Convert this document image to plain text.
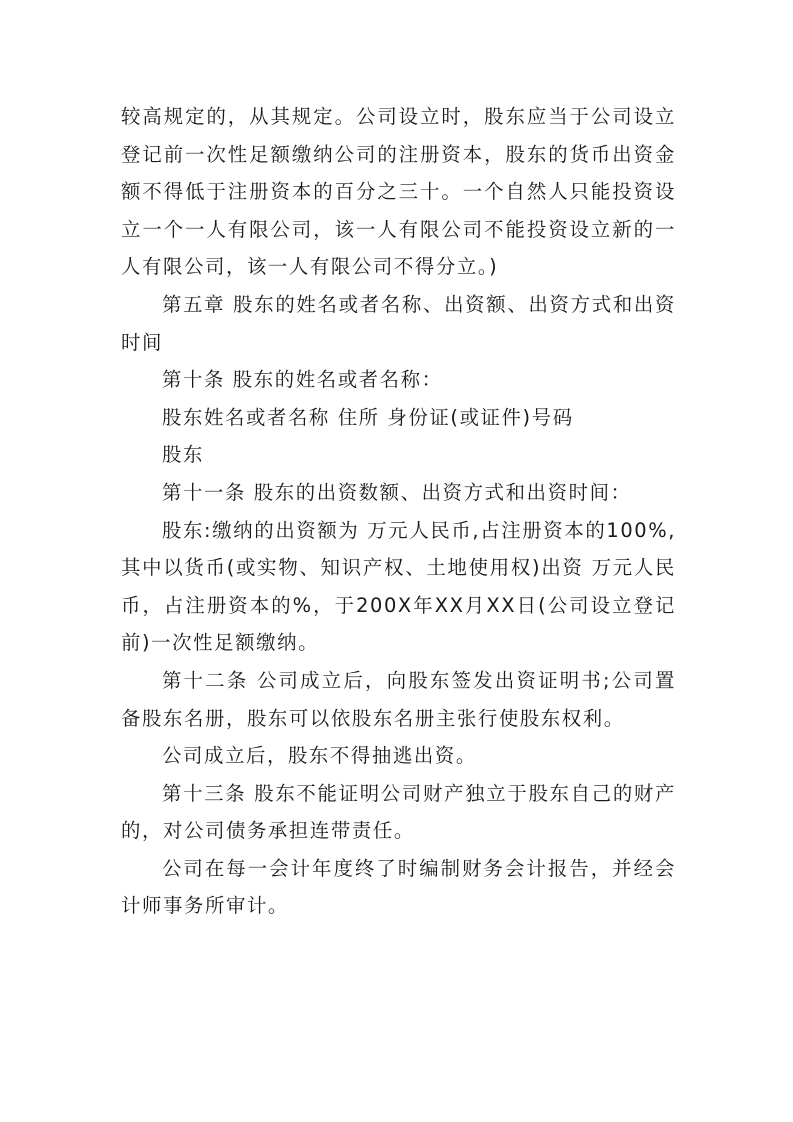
较高规定的，从其规定。公司设立时，股东应当于公司设立登记前一次性足额缴纳公司的注册资本，股东的货币出资金额不得低于注册资本的百分之三十。一个自然人只能投资设立一个一人有限公司，该一人有限公司不能投资设立新的一人有限公司，该一人有限公司不得分立。)

第五章 股东的姓名或者名称、出资额、出资方式和出资时间

第十条 股东的姓名或者名称：

股东姓名或者名称 住所 身份证(或证件)号码

股东

第十一条 股东的出资数额、出资方式和出资时间：

股东:缴纳的出资额为 万元人民币,占注册资本的100%,其中以货币(或实物、知识产权、土地使用权)出资 万元人民币，占注册资本的%，于200X年XX月XX日(公司设立登记前)一次性足额缴纳。

第十二条 公司成立后，向股东签发出资证明书;公司置备股东名册，股东可以依股东名册主张行使股东权利。

公司成立后，股东不得抽逃出资。

第十三条 股东不能证明公司财产独立于股东自己的财产的，对公司债务承担连带责任。

公司在每一会计年度终了时编制财务会计报告，并经会计师事务所审计。
